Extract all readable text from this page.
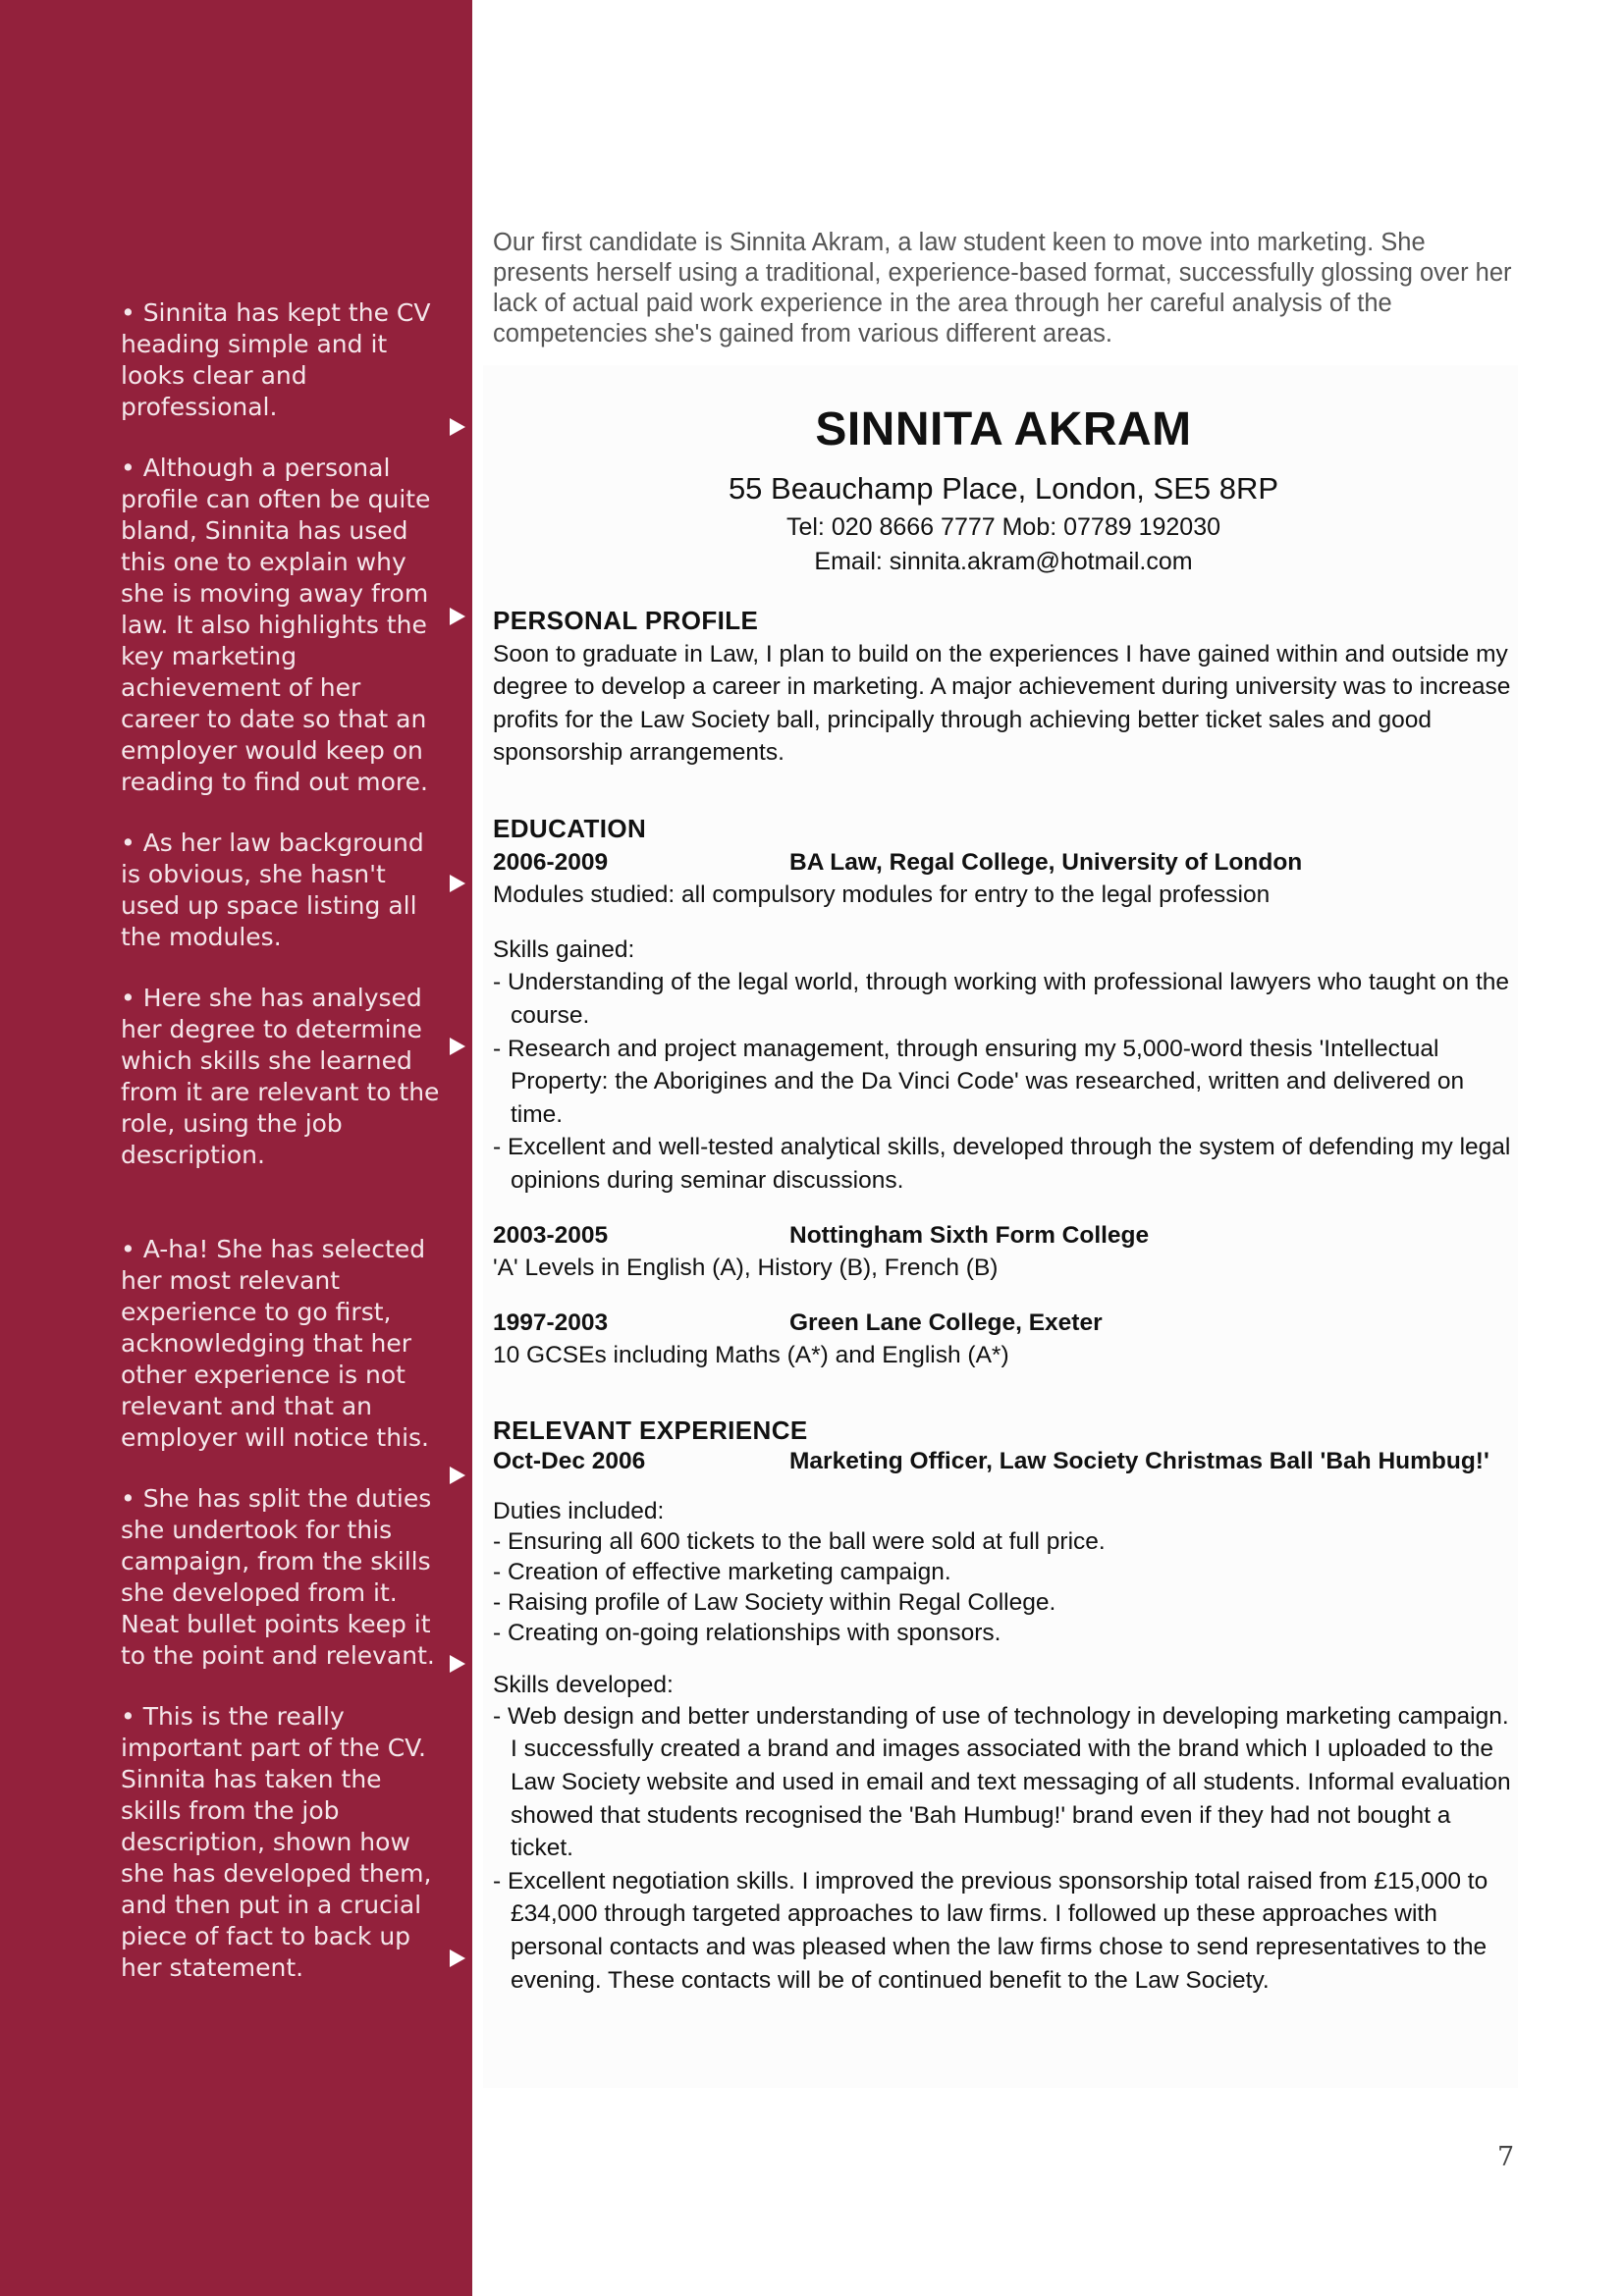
• Sinnita has kept the CV heading simple and it looks clear and professional.
• Although a personal profile can often be quite bland, Sinnita has used this one to explain why she is moving away from law. It also highlights the key marketing achievement of her career to date so that an employer would keep on reading to find out more.
• As her law background is obvious, she hasn't used up space listing all the modules.
• Here she has analysed her degree to determine which skills she learned from it are relevant to the role, using the job description.
• A-ha! She has selected her most relevant experience to go first, acknowledging that her other experience is not relevant and that an employer will notice this.
• She has split the duties she undertook for this campaign, from the skills she developed from it. Neat bullet points keep it to the point and relevant.
• This is the really important part of the CV. Sinnita has taken the skills from the job description, shown how she has developed them, and then put in a crucial piece of fact to back up her statement.
Our first candidate is Sinnita Akram, a law student keen to move into marketing. She presents herself using a traditional, experience-based format, successfully glossing over her lack of actual paid work experience in the area through her careful analysis of the competencies she's gained from various different areas.
SINNITA AKRAM
55 Beauchamp Place, London, SE5 8RP
Tel: 020 8666 7777 Mob: 07789 192030
Email: sinnita.akram@hotmail.com
PERSONAL PROFILE
Soon to graduate in Law, I plan to build on the experiences I have gained within and outside my degree to develop a career in marketing. A major achievement during university was to increase profits for the Law Society ball, principally through achieving better ticket sales and good sponsorship arrangements.
EDUCATION
2006-2009	BA Law, Regal College, University of London
Modules studied: all compulsory modules for entry to the legal profession
Skills gained:
- Understanding of the legal world, through working with professional lawyers who taught on the course.
- Research and project management, through ensuring my 5,000-word thesis 'Intellectual Property: the Aborigines and the Da Vinci Code' was researched, written and delivered on time.
- Excellent and well-tested analytical skills, developed through the system of defending my legal opinions during seminar discussions.
2003-2005	Nottingham Sixth Form College
'A' Levels in English (A), History (B), French (B)
1997-2003	Green Lane College, Exeter
10 GCSEs including Maths (A*) and English (A*)
RELEVANT EXPERIENCE
Oct-Dec 2006	Marketing Officer, Law Society Christmas Ball 'Bah Humbug!'
Duties included:
- Ensuring all 600 tickets to the ball were sold at full price.
- Creation of effective marketing campaign.
- Raising profile of Law Society within Regal College.
- Creating on-going relationships with sponsors.
Skills developed:
- Web design and better understanding of use of technology in developing marketing campaign. I successfully created a brand and images associated with the brand which I uploaded to the Law Society website and used in email and text messaging of all students. Informal evaluation showed that students recognised the 'Bah Humbug!' brand even if they had not bought a ticket.
- Excellent negotiation skills. I improved the previous sponsorship total raised from £15,000 to £34,000 through targeted approaches to law firms. I followed up these approaches with personal contacts and was pleased when the law firms chose to send representatives to the evening. These contacts will be of continued benefit to the Law Society.
7
